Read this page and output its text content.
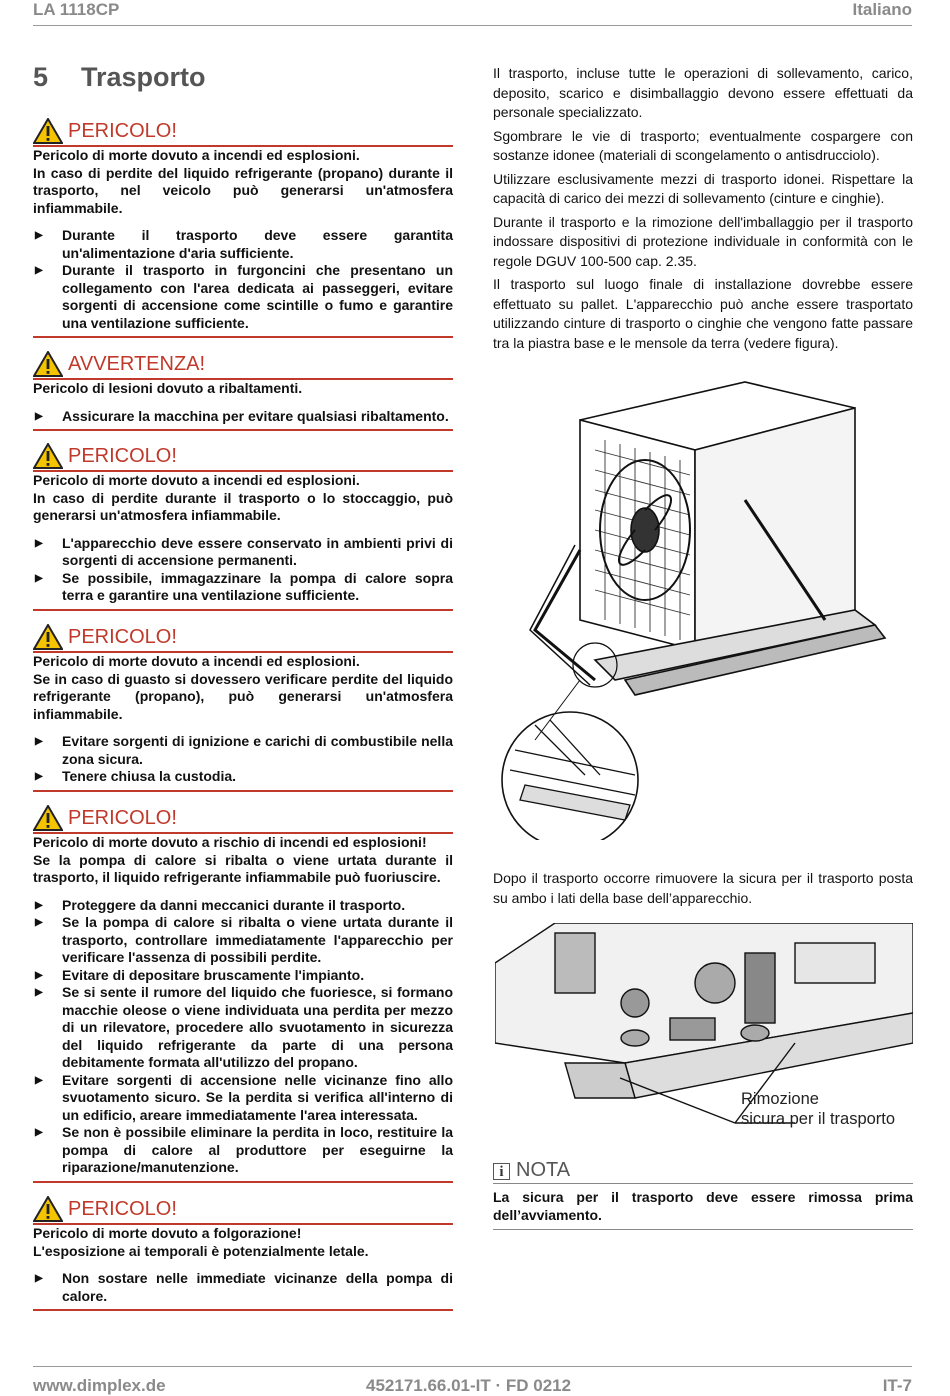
LA 1118CP	Italiano
5 Trasporto
PERICOLO!

Pericolo di morte dovuto a incendi ed esplosioni.

In caso di perdite del liquido refrigerante (propano) durante il trasporto, nel veicolo può generarsi un'atmosfera infiammabile.

▶ Durante il trasporto deve essere garantita un'alimentazione d'aria sufficiente.
▶ Durante il trasporto in furgoncini che presentano un collegamento con l'area dedicata ai passeggeri, evitare sorgenti di accensione come scintille o fumo e garantire una ventilazione sufficiente.
AVVERTENZA!

Pericolo di lesioni dovuto a ribaltamenti.

▶ Assicurare la macchina per evitare qualsiasi ribaltamento.
PERICOLO!

Pericolo di morte dovuto a incendi ed esplosioni.

In caso di perdite durante il trasporto o lo stoccaggio, può generarsi un'atmosfera infiammabile.

▶ L'apparecchio deve essere conservato in ambienti privi di sorgenti di accensione permanenti.
▶ Se possibile, immagazzinare la pompa di calore sopra terra e garantire una ventilazione sufficiente.
PERICOLO!

Pericolo di morte dovuto a incendi ed esplosioni.

Se in caso di guasto si dovessero verificare perdite del liquido refrigerante (propano), può generarsi un'atmosfera infiammabile.

▶ Evitare sorgenti di ignizione e carichi di combustibile nella zona sicura.
▶ Tenere chiusa la custodia.
PERICOLO!

Pericolo di morte dovuto a rischio di incendi ed esplosioni!

Se la pompa di calore si ribalta o viene urtata durante il trasporto, il liquido refrigerante infiammabile può fuoriuscire.

▶ Proteggere da danni meccanici durante il trasporto.
▶ Se la pompa di calore si ribalta o viene urtata durante il trasporto, controllare immediatamente l'apparecchio per verificare l'assenza di possibili perdite.
▶ Evitare di depositare bruscamente l'impianto.
▶ Se si sente il rumore del liquido che fuoriesce, si formano macchie oleose o viene individuata una perdita per mezzo di un rilevatore, procedere allo svuotamento in sicurezza del liquido refrigerante da parte di una persona debitamente formata all'utilizzo del propano.
▶ Evitare sorgenti di accensione nelle vicinanze fino allo svuotamento sicuro. Se la perdita si verifica all'interno di un edificio, areare immediatamente l'area interessata.
▶ Se non è possibile eliminare la perdita in loco, restituire la pompa di calore al produttore per eseguirne la riparazione/manutenzione.
PERICOLO!

Pericolo di morte dovuto a folgorazione!

L'esposizione ai temporali è potenzialmente letale.

▶ Non sostare nelle immediate vicinanze della pompa di calore.

Il trasporto, incluse tutte le operazioni di sollevamento, carico, deposito, scarico e disimballaggio devono essere effettuati da personale specializzato.

Sgombrare le vie di trasporto; eventualmente cospargere con sostanze idonee (materiali di scongelamento o antisdrucciolo).

Utilizzare esclusivamente mezzi di trasporto idonei. Rispettare la capacità di carico dei mezzi di sollevamento (cinture e cinghie).

Durante il trasporto e la rimozione dell'imballaggio per il trasporto indossare dispositivi di protezione individuale in conformità con le regole DGUV 100-500 cap. 2.35.

Il trasporto sul luogo finale di installazione dovrebbe essere effettuato su pallet. L'apparecchio può anche essere trasportato utilizzando cinture di trasporto o cinghie che vengono fatte passare tra la piastra base e le mensole da terra (vedere figura).

Dopo il trasporto occorre rimuovere la sicura per il trasporto posta su ambo i lati della base dell’apparecchio.

Rimozione
sicura per il trasporto
i NOTA

La sicura per il trasporto deve essere rimossa prima dell’avviamento.

www.dimplex.de	452171.66.01-IT · FD 0212	IT-7
